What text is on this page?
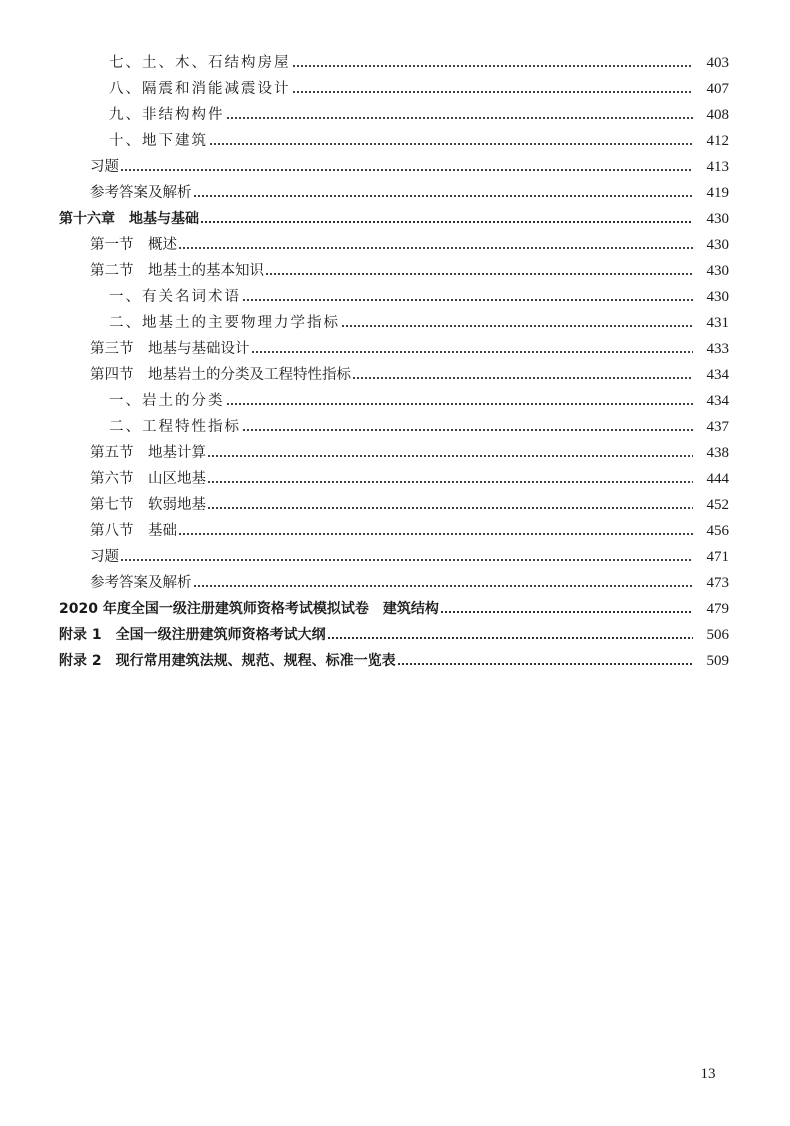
七、土、木、石结构房屋	403
八、隔震和消能减震设计	407
九、非结构构件	408
十、地下建筑	412
习题	413
参考答案及解析	419
第十六章　地基与基础	430
第一节　概述	430
第二节　地基土的基本知识	430
一、有关名词术语	430
二、地基土的主要物理力学指标	431
第三节　地基与基础设计	433
第四节　地基岩土的分类及工程特性指标	434
一、岩土的分类	434
二、工程特性指标	437
第五节　地基计算	438
第六节　山区地基	444
第七节　软弱地基	452
第八节　基础	456
习题	471
参考答案及解析	473
2020 年度全国一级注册建筑师资格考试模拟试卷　建筑结构	479
附录 1　全国一级注册建筑师资格考试大纲	506
附录 2　现行常用建筑法规、规范、规程、标准一览表	509
13
